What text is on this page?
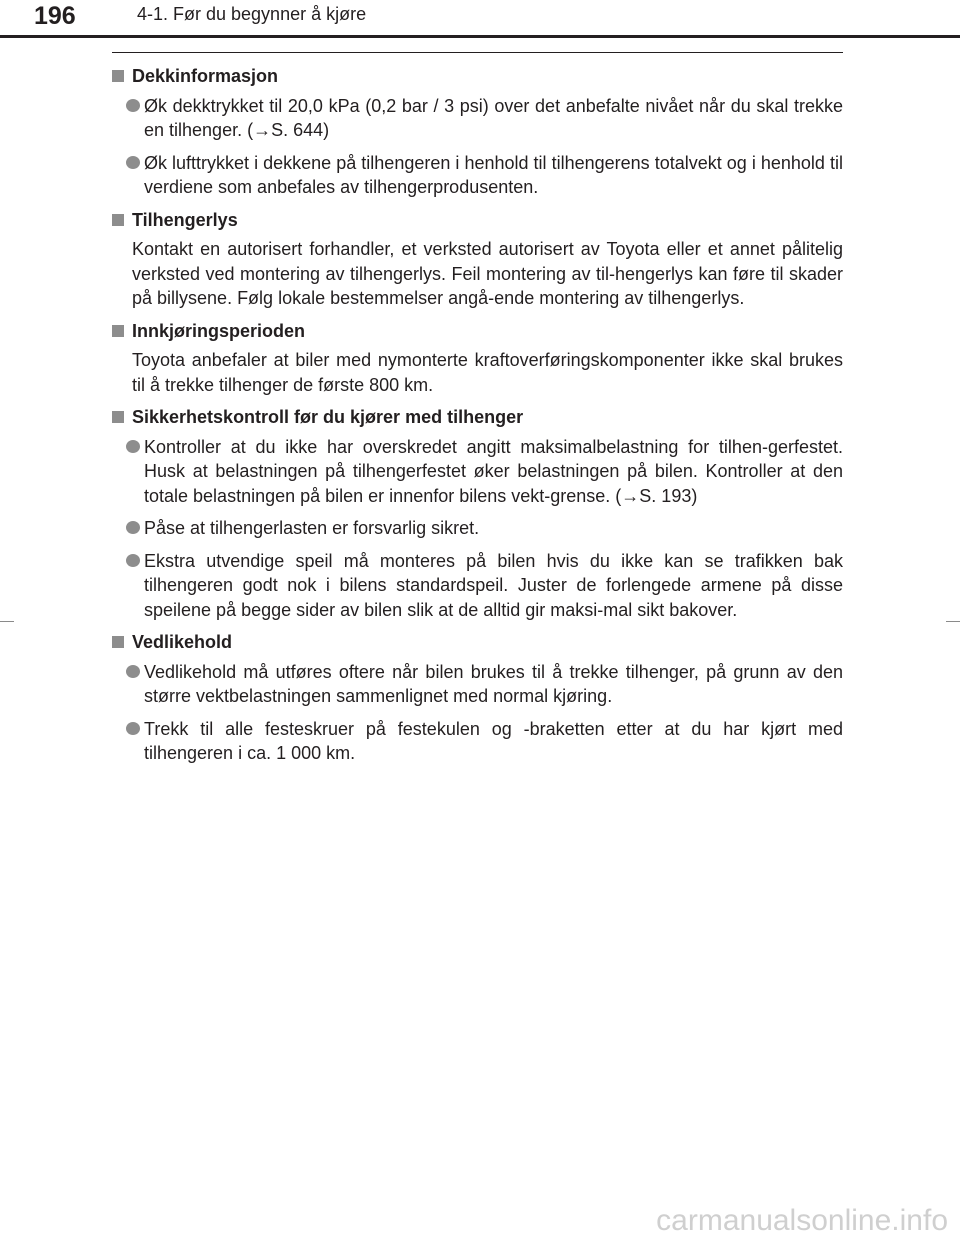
196	4-1. Før du begynner å kjøre
Dekkinformasjon
Øk dekktrykket til 20,0 kPa (0,2 bar / 3 psi) over det anbefalte nivået når du skal trekke en tilhenger. (→S. 644)
Øk lufttrykket i dekkene på tilhengeren i henhold til tilhengerens totalvekt og i henhold til verdiene som anbefales av tilhengerprodusenten.
Tilhengerlys
Kontakt en autorisert forhandler, et verksted autorisert av Toyota eller et annet pålitelig verksted ved montering av tilhengerlys. Feil montering av til-hengerlys kan føre til skader på billysene. Følg lokale bestemmelser angå-ende montering av tilhengerlys.
Innkjøringsperioden
Toyota anbefaler at biler med nymonterte kraftoverføringskomponenter ikke skal brukes til å trekke tilhenger de første 800 km.
Sikkerhetskontroll før du kjører med tilhenger
Kontroller at du ikke har overskredet angitt maksimalbelastning for tilhen-gerfestet. Husk at belastningen på tilhengerfestet øker belastningen på bilen. Kontroller at den totale belastningen på bilen er innenfor bilens vekt-grense. (→S. 193)
Påse at tilhengerlasten er forsvarlig sikret.
Ekstra utvendige speil må monteres på bilen hvis du ikke kan se trafikken bak tilhengeren godt nok i bilens standardspeil. Juster de forlengede armene på disse speilene på begge sider av bilen slik at de alltid gir maksi-mal sikt bakover.
Vedlikehold
Vedlikehold må utføres oftere når bilen brukes til å trekke tilhenger, på grunn av den større vektbelastningen sammenlignet med normal kjøring.
Trekk til alle festeskruer på festekulen og -braketten etter at du har kjørt med tilhengeren i ca. 1 000 km.
carmanualsonline.info
